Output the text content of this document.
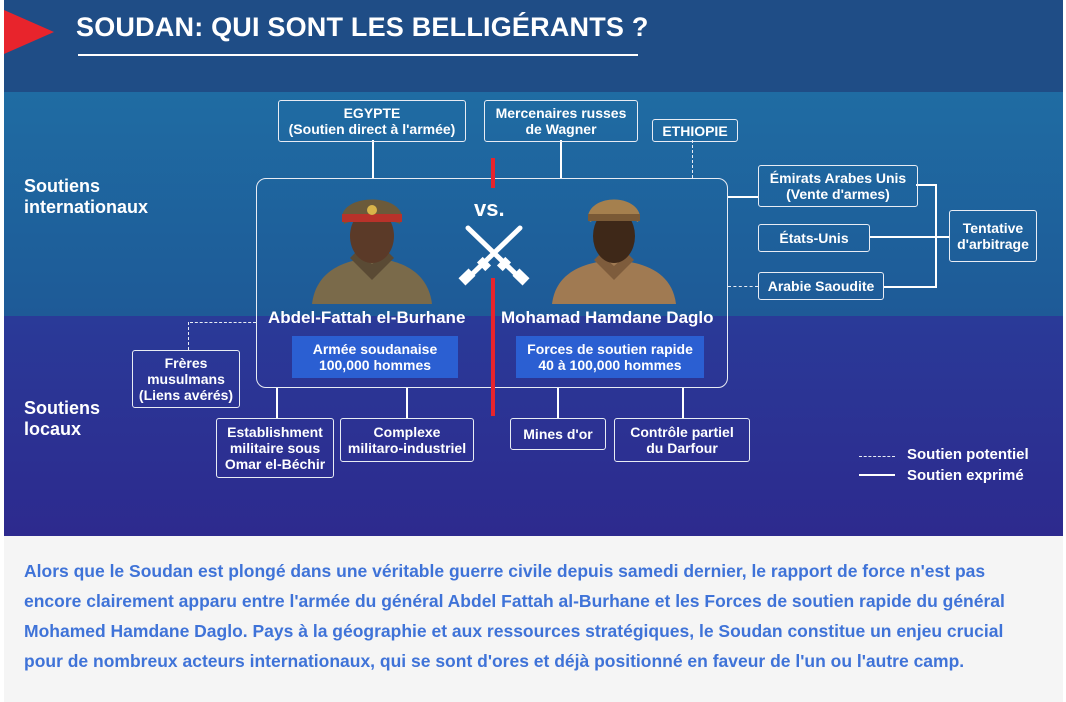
SOUDAN: QUI SONT LES BELLIGÉRANTS ?
Soutiens
internationaux
Soutiens
locaux
vs.
Abdel-Fattah el-Burhane Mohamad Hamdane Daglo
Armée soudanaise
100,000 hommes
Forces de soutien rapide
40 à 100,000 hommes
EGYPTE
(Soutien direct à l'armée)
Mercenaires russes
de Wagner	ETHIOPIE
Émirats Arabes Unis
(Vente d'armes)
États-Unis
Arabie Saoudite
Tentative
d'arbitrage
Frères
musulmans
(Liens avérés)
Establishment
militaire sous
Omar el-Béchir
Complexe
militaro-industriel
Mines d'or	Contrôle partiel
du Darfour	Soutien potentiel
Soutien exprimé
Alors que le Soudan est plongé dans une véritable guerre civile depuis samedi dernier, le rapport de force n'est pas encore clairement apparu entre l'armée du général Abdel Fattah al-Burhane et les Forces de soutien rapide du général Mohamed Hamdane Daglo. Pays à la géographie et aux ressources stratégiques, le Soudan constitue un enjeu crucial pour de nombreux acteurs internationaux, qui se sont d'ores et déjà positionné en faveur de l'un ou l'autre camp.
